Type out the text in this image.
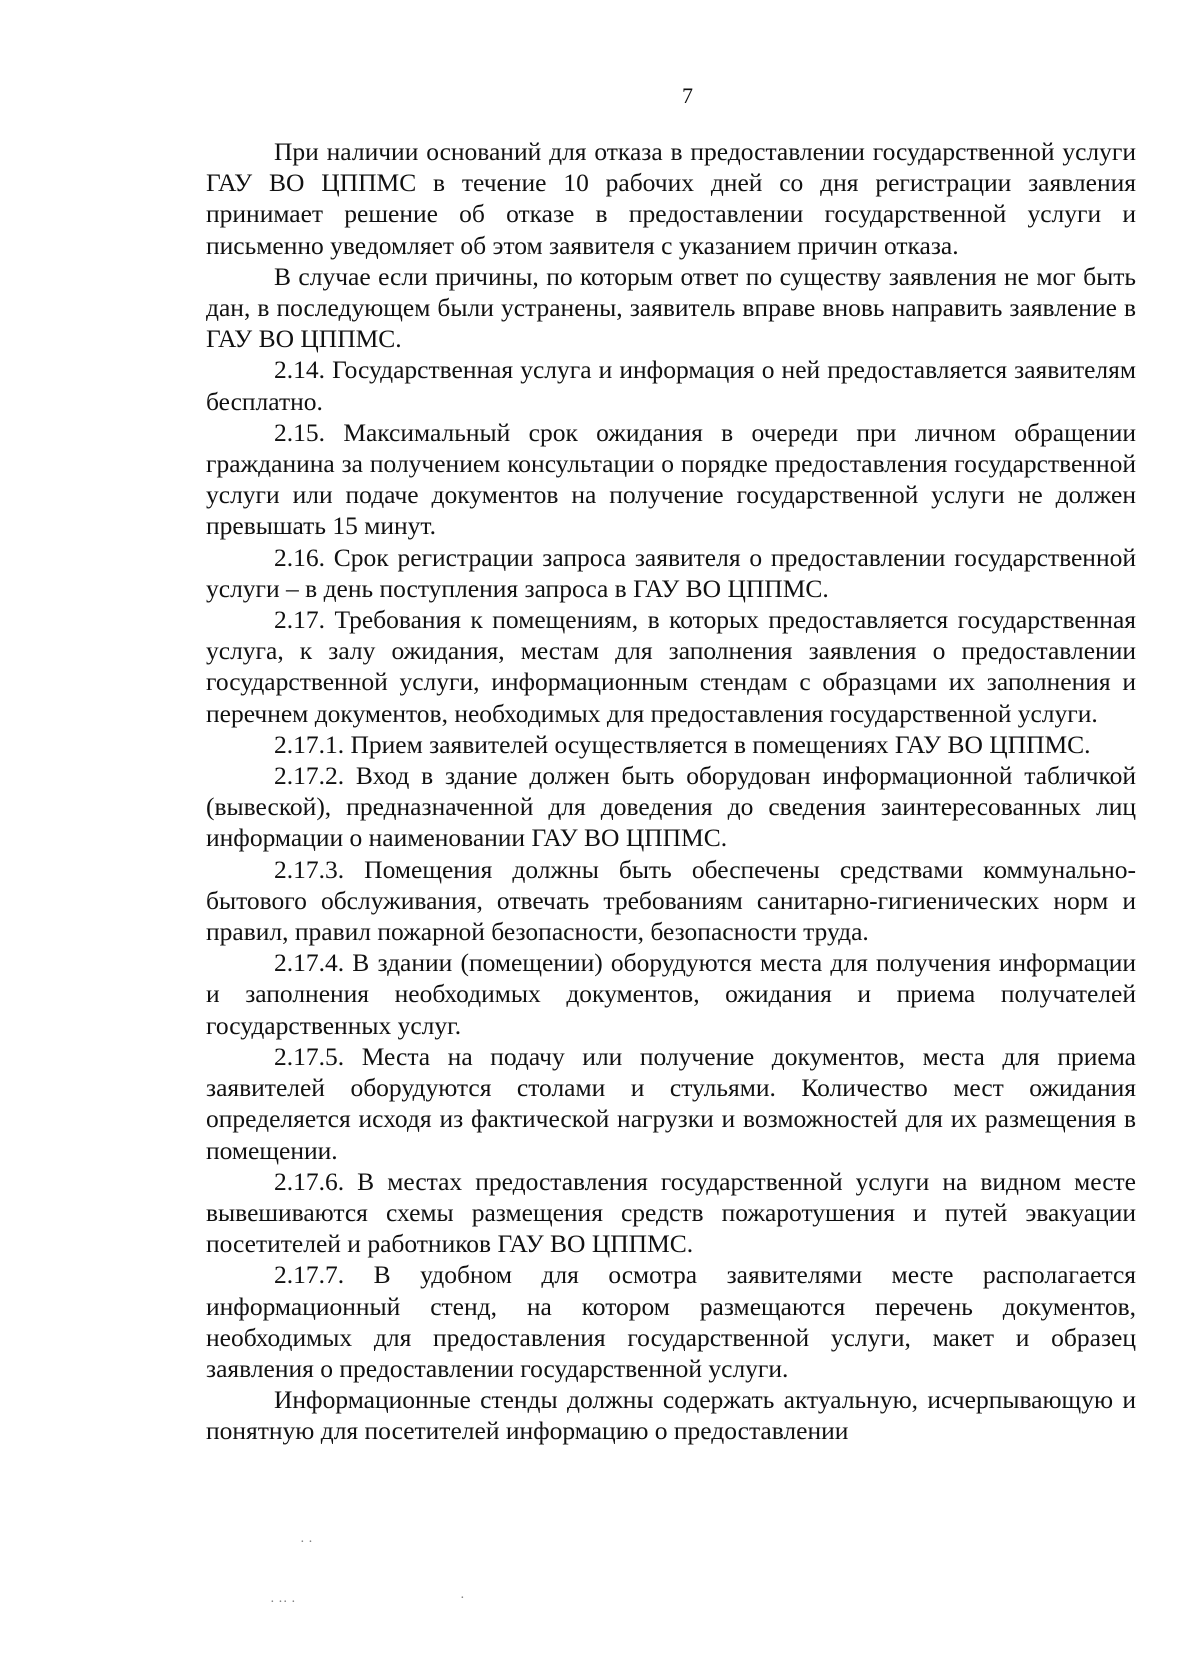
7

При наличии оснований для отказа в предоставлении государственной услуги ГАУ ВО ЦППМС в течение 10 рабочих дней со дня регистрации заявления принимает решение об отказе в предоставлении государственной услуги и письменно уведомляет об этом заявителя с указанием причин отказа.

В случае если причины, по которым ответ по существу заявления не мог быть дан, в последующем были устранены, заявитель вправе вновь направить заявление в ГАУ ВО ЦППМС.

2.14. Государственная услуга и информация о ней предоставляется заявителям бесплатно.

2.15. Максимальный срок ожидания в очереди при личном обращении гражданина за получением консультации о порядке предоставления государственной услуги или подаче документов на получение государственной услуги не должен превышать 15 минут.

2.16. Срок регистрации запроса заявителя о предоставлении государственной услуги – в день поступления запроса в ГАУ ВО ЦППМС.

2.17. Требования к помещениям, в которых предоставляется государственная услуга, к залу ожидания, местам для заполнения заявления о предоставлении государственной услуги, информационным стендам с образцами их заполнения и перечнем документов, необходимых для предоставления государственной услуги.

2.17.1. Прием заявителей осуществляется в помещениях ГАУ ВО ЦППМС.

2.17.2. Вход в здание должен быть оборудован информационной табличкой (вывеской), предназначенной для доведения до сведения заинтересованных лиц информации о наименовании ГАУ ВО ЦППМС.

2.17.3. Помещения должны быть обеспечены средствами коммунально-бытового обслуживания, отвечать требованиям санитарно-гигиенических норм и правил, правил пожарной безопасности, безопасности труда.

2.17.4. В здании (помещении) оборудуются места для получения информации и заполнения необходимых документов, ожидания и приема получателей государственных услуг.

2.17.5. Места на подачу или получение документов, места для приема заявителей оборудуются столами и стульями. Количество мест ожидания определяется исходя из фактической нагрузки и возможностей для их размещения в помещении.

2.17.6. В местах предоставления государственной услуги на видном месте вывешиваются схемы размещения средств пожаротушения и путей эвакуации посетителей и работников ГАУ ВО ЦППМС.

2.17.7. В удобном для осмотра заявителями месте располагается информационный стенд, на котором размещаются перечень документов, необходимых для предоставления государственной услуги, макет и образец заявления о предоставлении государственной услуги.

Информационные стенды должны содержать актуальную, исчерпывающую и понятную для посетителей информацию о предоставлении

· ·
· ·· ·	·
